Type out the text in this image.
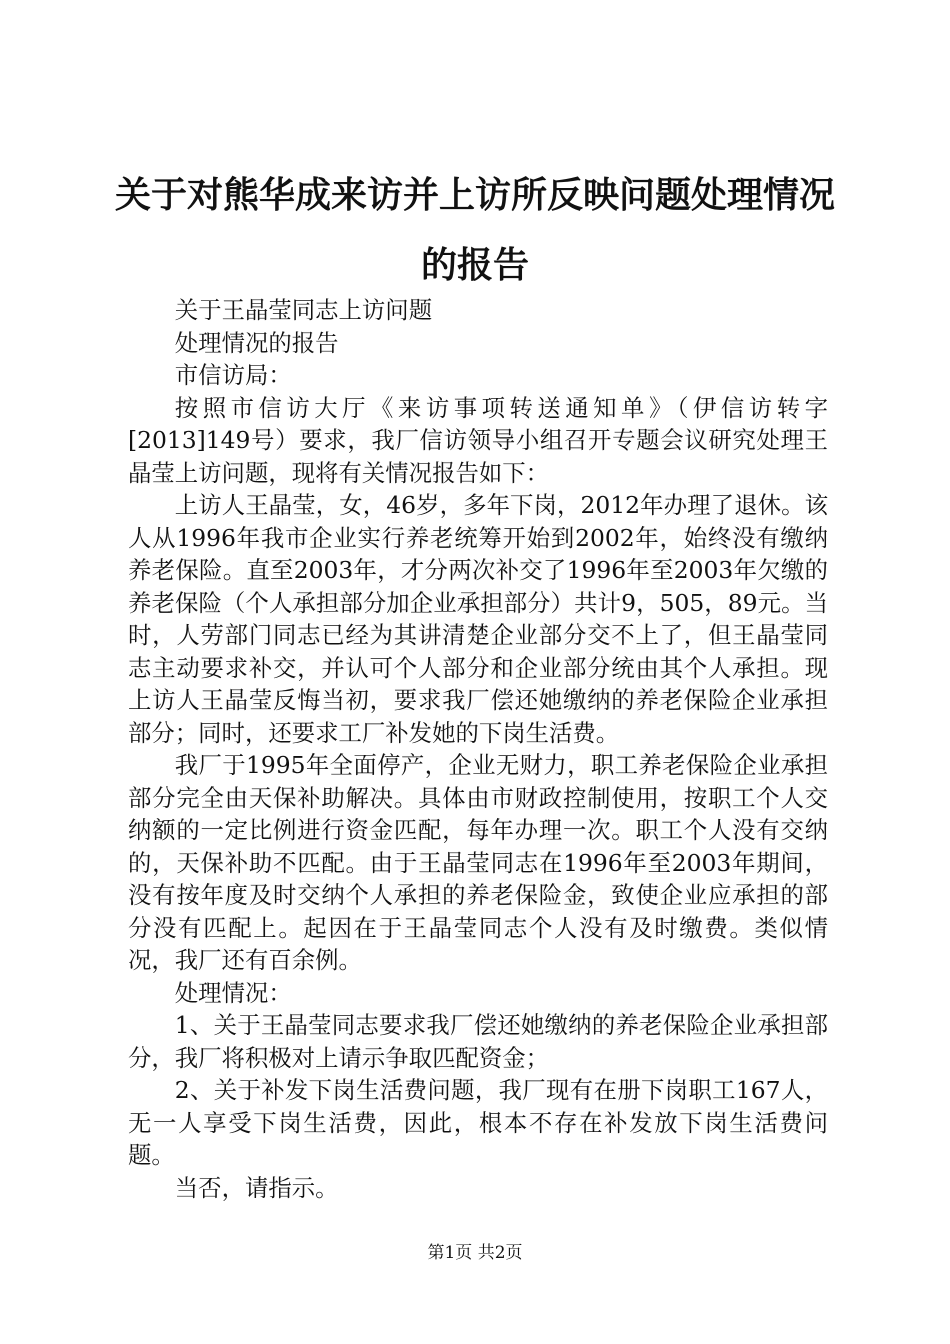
关于对熊华成来访并上访所反映问题处理情况的报告

关于王晶莹同志上访问题

处理情况的报告

市信访局：

按照市信访大厅《来访事项转送通知单》（伊信访转字[2013]149号）要求，我厂信访领导小组召开专题会议研究处理王晶莹上访问题，现将有关情况报告如下：

上访人王晶莹，女，46岁，多年下岗，2012年办理了退休。该人从1996年我市企业实行养老统筹开始到2002年，始终没有缴纳养老保险。直至2003年，才分两次补交了1996年至2003年欠缴的养老保险（个人承担部分加企业承担部分）共计9，505，89元。当时，人劳部门同志已经为其讲清楚企业部分交不上了，但王晶莹同志主动要求补交，并认可个人部分和企业部分统由其个人承担。现上访人王晶莹反悔当初，要求我厂偿还她缴纳的养老保险企业承担部分；同时，还要求工厂补发她的下岗生活费。

我厂于1995年全面停产，企业无财力，职工养老保险企业承担部分完全由天保补助解决。具体由市财政控制使用，按职工个人交纳额的一定比例进行资金匹配，每年办理一次。职工个人没有交纳的，天保补助不匹配。由于王晶莹同志在1996年至2003年期间，没有按年度及时交纳个人承担的养老保险金，致使企业应承担的部分没有匹配上。起因在于王晶莹同志个人没有及时缴费。类似情况，我厂还有百余例。

处理情况：

1、关于王晶莹同志要求我厂偿还她缴纳的养老保险企业承担部分，我厂将积极对上请示争取匹配资金；

2、关于补发下岗生活费问题，我厂现有在册下岗职工167人，无一人享受下岗生活费，因此，根本不存在补发放下岗生活费问题。

当否，请指示。

第1页 共2页
